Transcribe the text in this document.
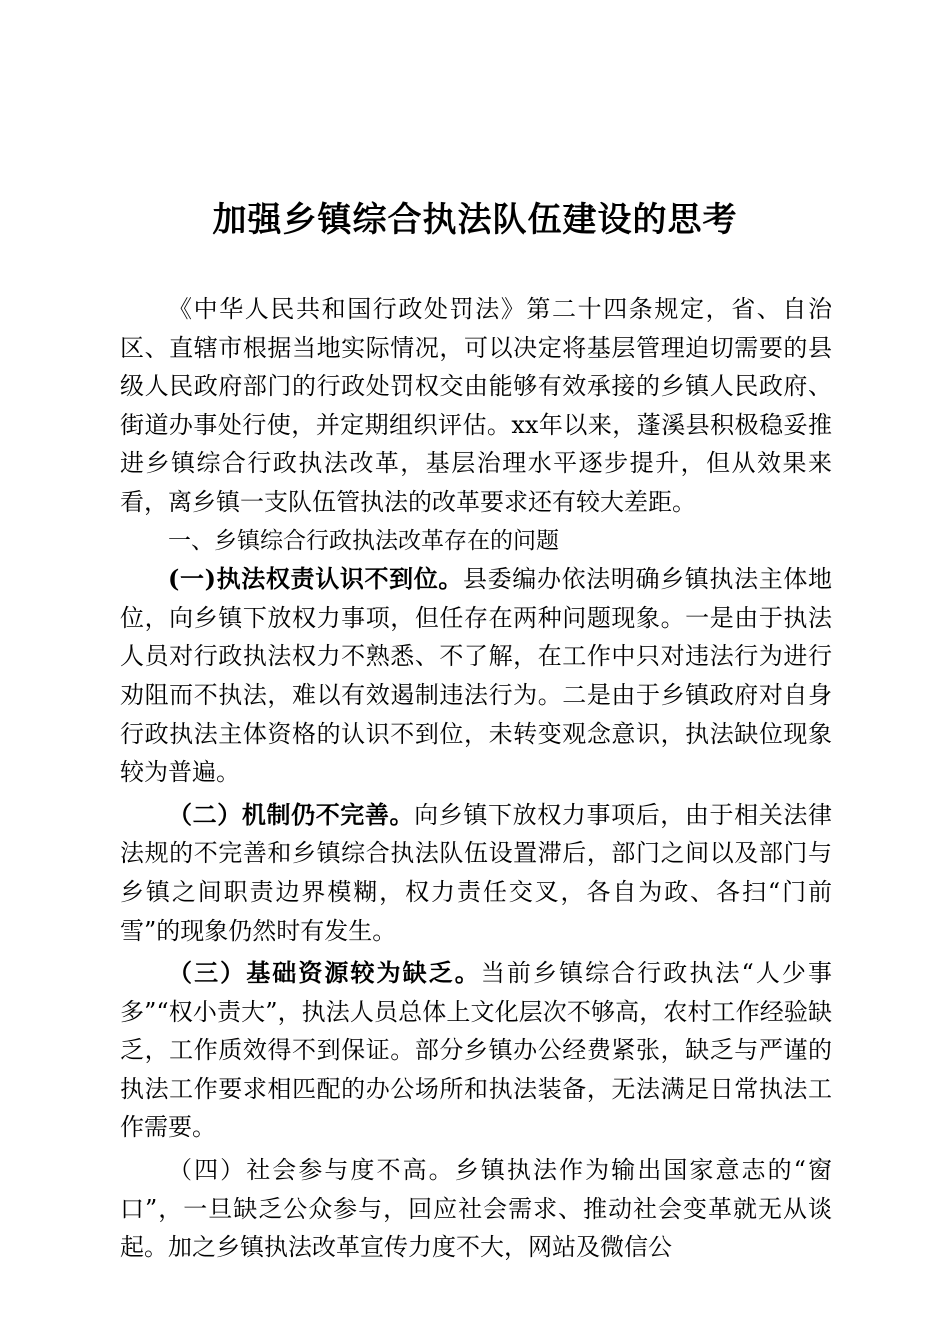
加强乡镇综合执法队伍建设的思考

《中华人民共和国行政处罚法》第二十四条规定，省、自治区、直辖市根据当地实际情况，可以决定将基层管理迫切需要的县级人民政府部门的行政处罚权交由能够有效承接的乡镇人民政府、街道办事处行使，并定期组织评估。xx年以来，蓬溪县积极稳妥推进乡镇综合行政执法改革，基层治理水平逐步提升，但从效果来看，离乡镇一支队伍管执法的改革要求还有较大差距。

一、乡镇综合行政执法改革存在的问题

(一)执法权责认识不到位。县委编办依法明确乡镇执法主体地位，向乡镇下放权力事项，但任存在两种问题现象。一是由于执法人员对行政执法权力不熟悉、不了解，在工作中只对违法行为进行劝阻而不执法，难以有效遏制违法行为。二是由于乡镇政府对自身行政执法主体资格的认识不到位，未转变观念意识，执法缺位现象较为普遍。

（二）机制仍不完善。向乡镇下放权力事项后，由于相关法律法规的不完善和乡镇综合执法队伍设置滞后，部门之间以及部门与乡镇之间职责边界模糊，权力责任交叉，各自为政、各扫“门前雪”的现象仍然时有发生。

（三）基础资源较为缺乏。当前乡镇综合行政执法“人少事多”“权小责大”，执法人员总体上文化层次不够高，农村工作经验缺乏，工作质效得不到保证。部分乡镇办公经费紧张，缺乏与严谨的执法工作要求相匹配的办公场所和执法装备，无法满足日常执法工作需要。

（四）社会参与度不高。乡镇执法作为输出国家意志的“窗口”，一旦缺乏公众参与，回应社会需求、推动社会变革就无从谈起。加之乡镇执法改革宣传力度不大，网站及微信公
